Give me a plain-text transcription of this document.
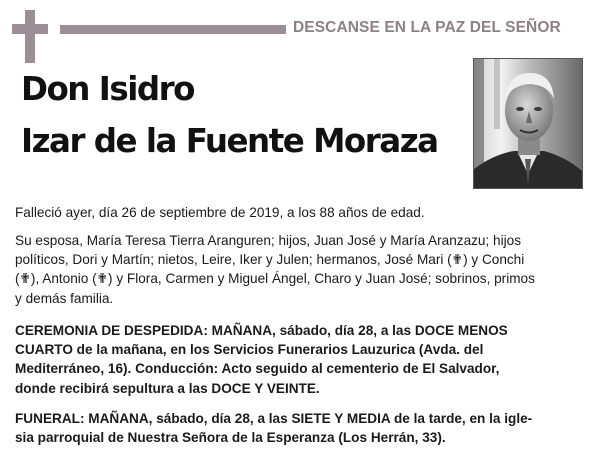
DESCANSE EN LA PAZ DEL SEÑOR
Don Isidro
Izar de la Fuente Moraza
Falleció ayer, día 26 de septiembre de 2019, a los 88 años de edad.
Su esposa, María Teresa Tierra Aranguren; hijos, Juan José y María Aranzazu; hijos
políticos, Dori y Martín; nietos, Leire, Iker y Julen; hermanos, José Mari (✟) y Conchi
(✟), Antonio (✟) y Flora, Carmen y Miguel Ángel, Charo y Juan José; sobrinos, primos
y demás familia.
CEREMONIA DE DESPEDIDA: MAÑANA, sábado, día 28, a las DOCE MENOS
CUARTO de la mañana, en los Servicios Funerarios Lauzurica (Avda. del
Mediterráneo, 16). Conducción: Acto seguido al cementerio de El Salvador,
donde recibirá sepultura a las DOCE Y VEINTE.
FUNERAL: MAÑANA, sábado, día 28, a las SIETE Y MEDIA de la tarde, en la igle-
sia parroquial de Nuestra Señora de la Esperanza (Los Herrán, 33).
